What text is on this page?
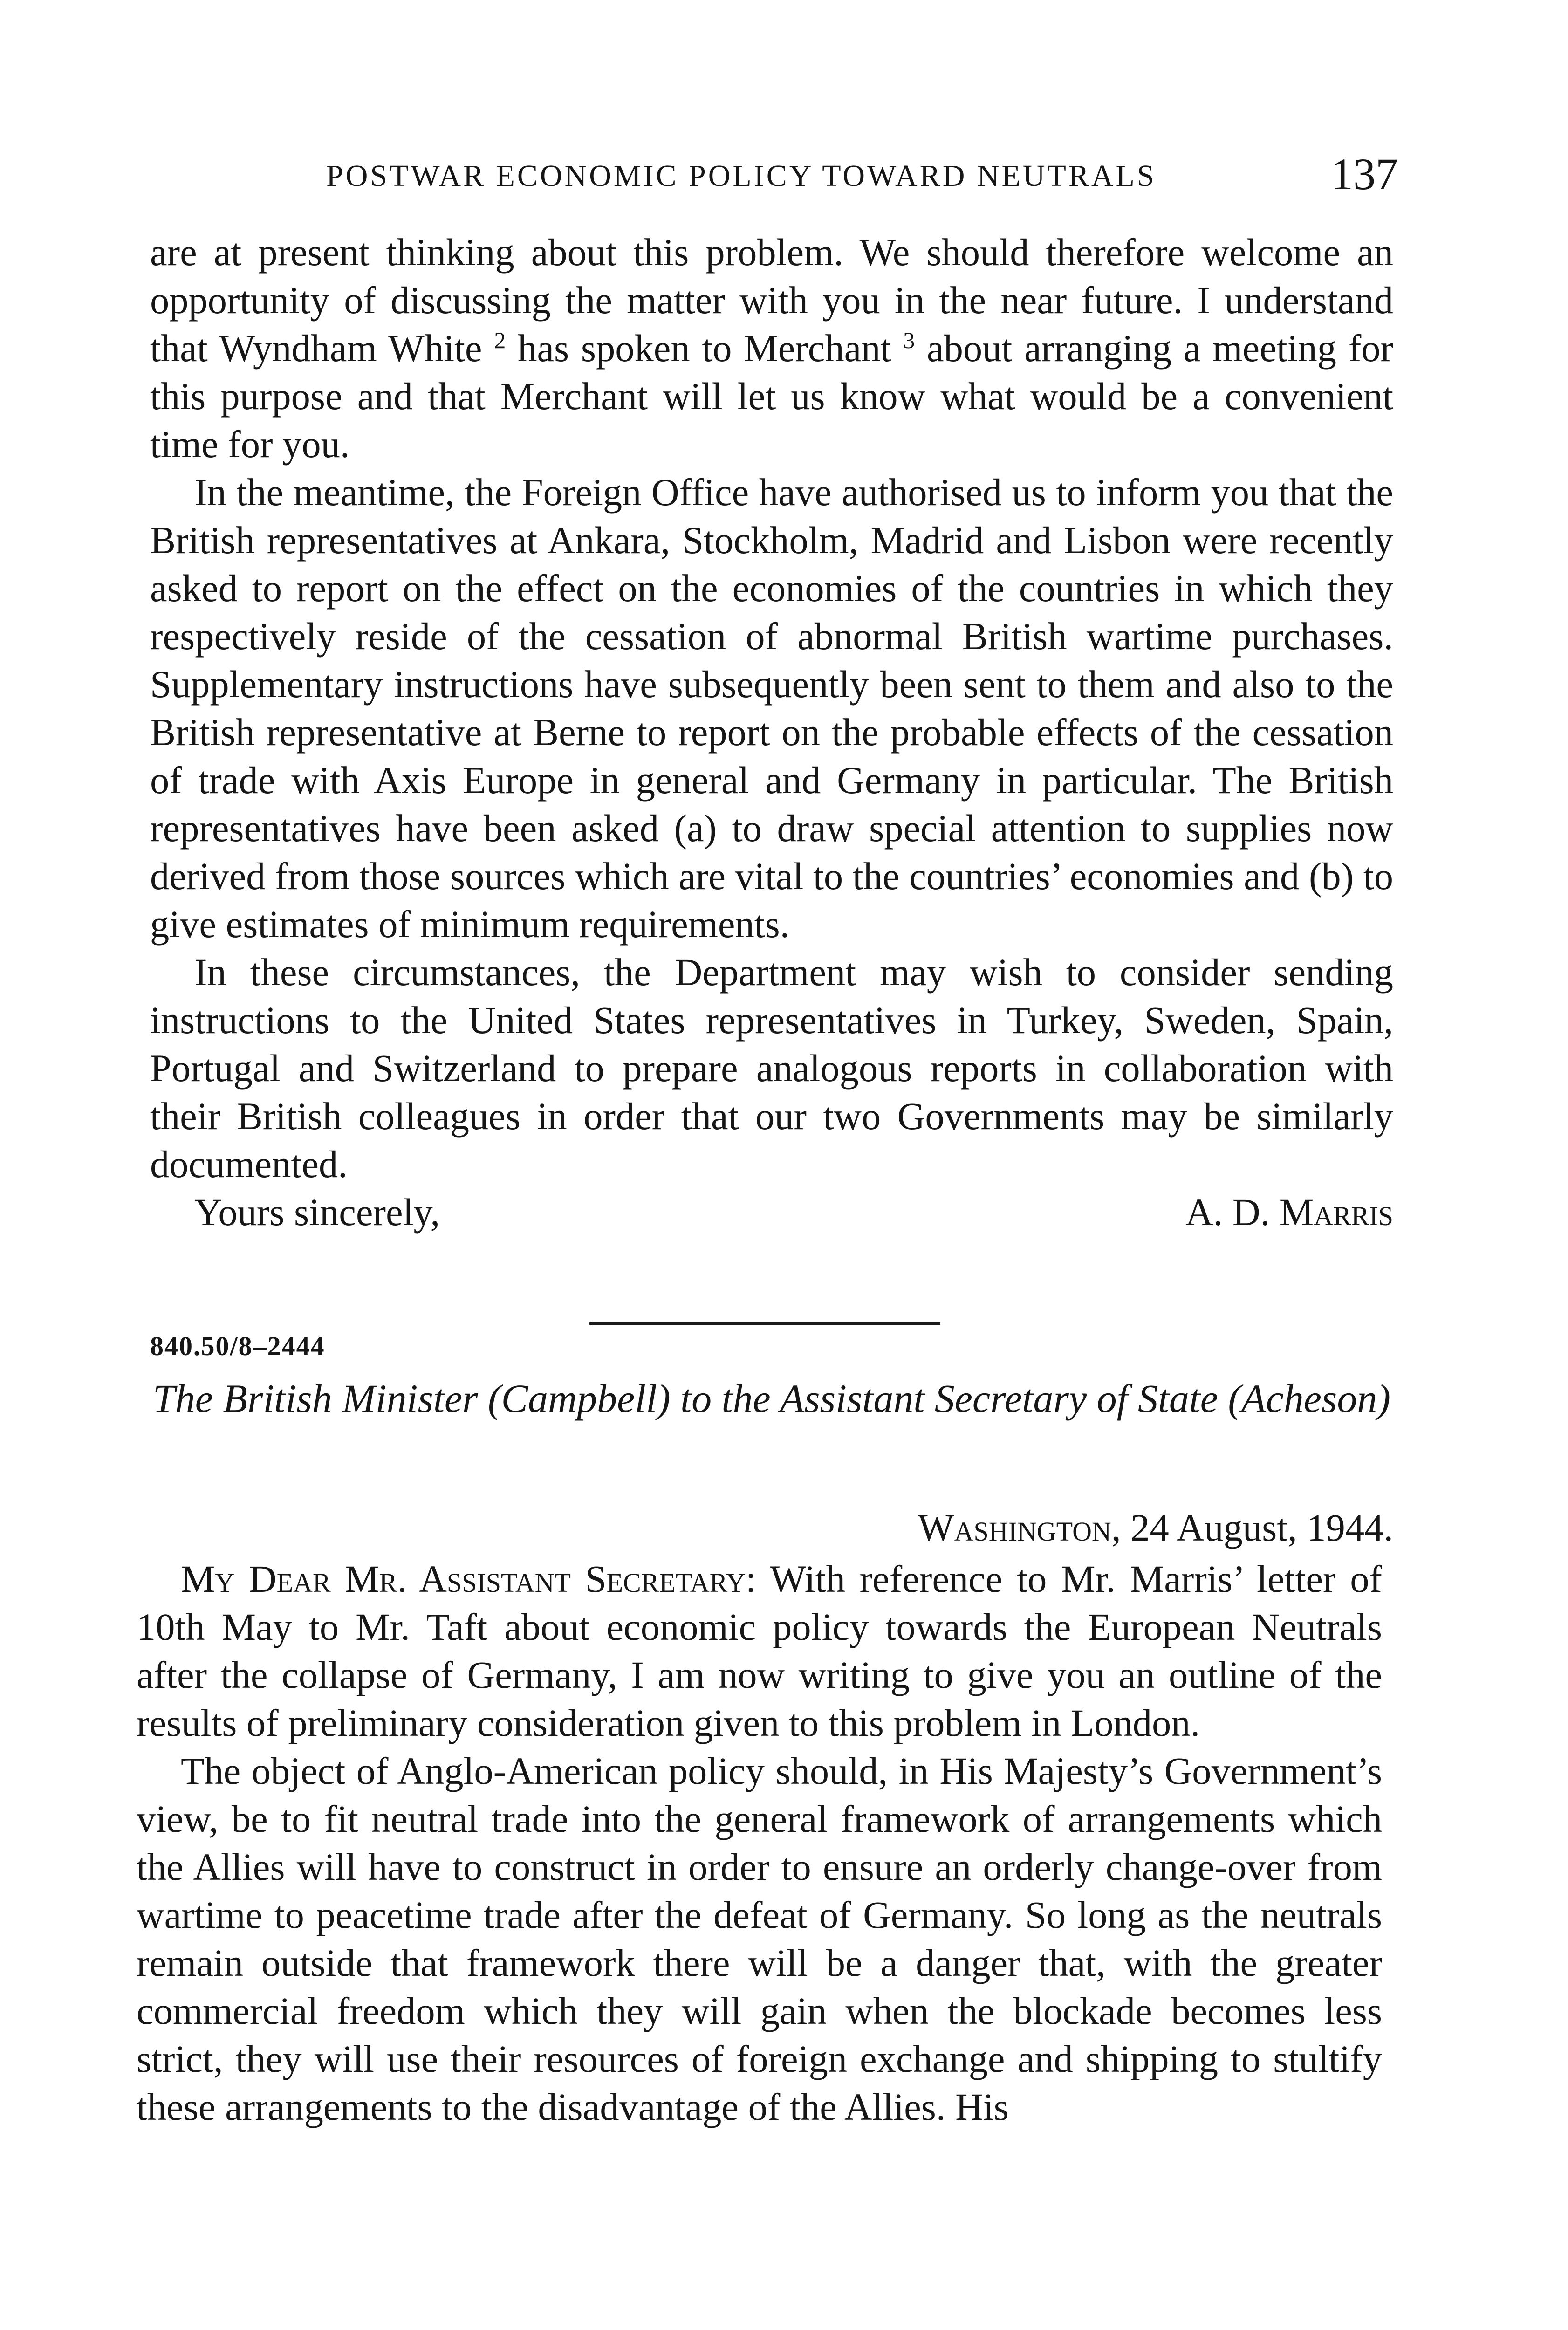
POSTWAR ECONOMIC POLICY TOWARD NEUTRALS	137

are at present thinking about this problem. We should therefore welcome an opportunity of discussing the matter with you in the near future. I understand that Wyndham White $^2$ has spoken to Merchant $^3$ about arranging a meeting for this purpose and that Merchant will let us know what would be a convenient time for you.

In the meantime, the Foreign Office have authorised us to inform you that the British representatives at Ankara, Stockholm, Madrid and Lisbon were recently asked to report on the effect on the economies of the countries in which they respectively reside of the cessation of abnormal British wartime purchases. Supplementary instructions have subsequently been sent to them and also to the British representative at Berne to report on the probable effects of the cessation of trade with Axis Europe in general and Germany in particular. The British representatives have been asked (a) to draw special attention to supplies now derived from those sources which are vital to the countries’ economies and (b) to give estimates of minimum requirements.

In these circumstances, the Department may wish to consider sending instructions to the United States representatives in Turkey, Sweden, Spain, Portugal and Switzerland to prepare analogous reports in collaboration with their British colleagues in order that our two Governments may be similarly documented.

Yours sincerely,	A. D. Marris
840.50/8–2444
The British Minister (Campbell) to the Assistant Secretary of State (Acheson)
Washington, 24 August, 1944.

My Dear Mr. Assistant Secretary: With reference to Mr. Marris’ letter of 10th May to Mr. Taft about economic policy towards the European Neutrals after the collapse of Germany, I am now writing to give you an outline of the results of preliminary consideration given to this problem in London.

The object of Anglo-American policy should, in His Majesty’s Government’s view, be to fit neutral trade into the general framework of arrangements which the Allies will have to construct in order to ensure an orderly change-over from wartime to peacetime trade after the defeat of Germany. So long as the neutrals remain outside that framework there will be a danger that, with the greater commercial freedom which they will gain when the blockade becomes less strict, they will use their resources of foreign exchange and shipping to stultify these arrangements to the disadvantage of the Allies. His
